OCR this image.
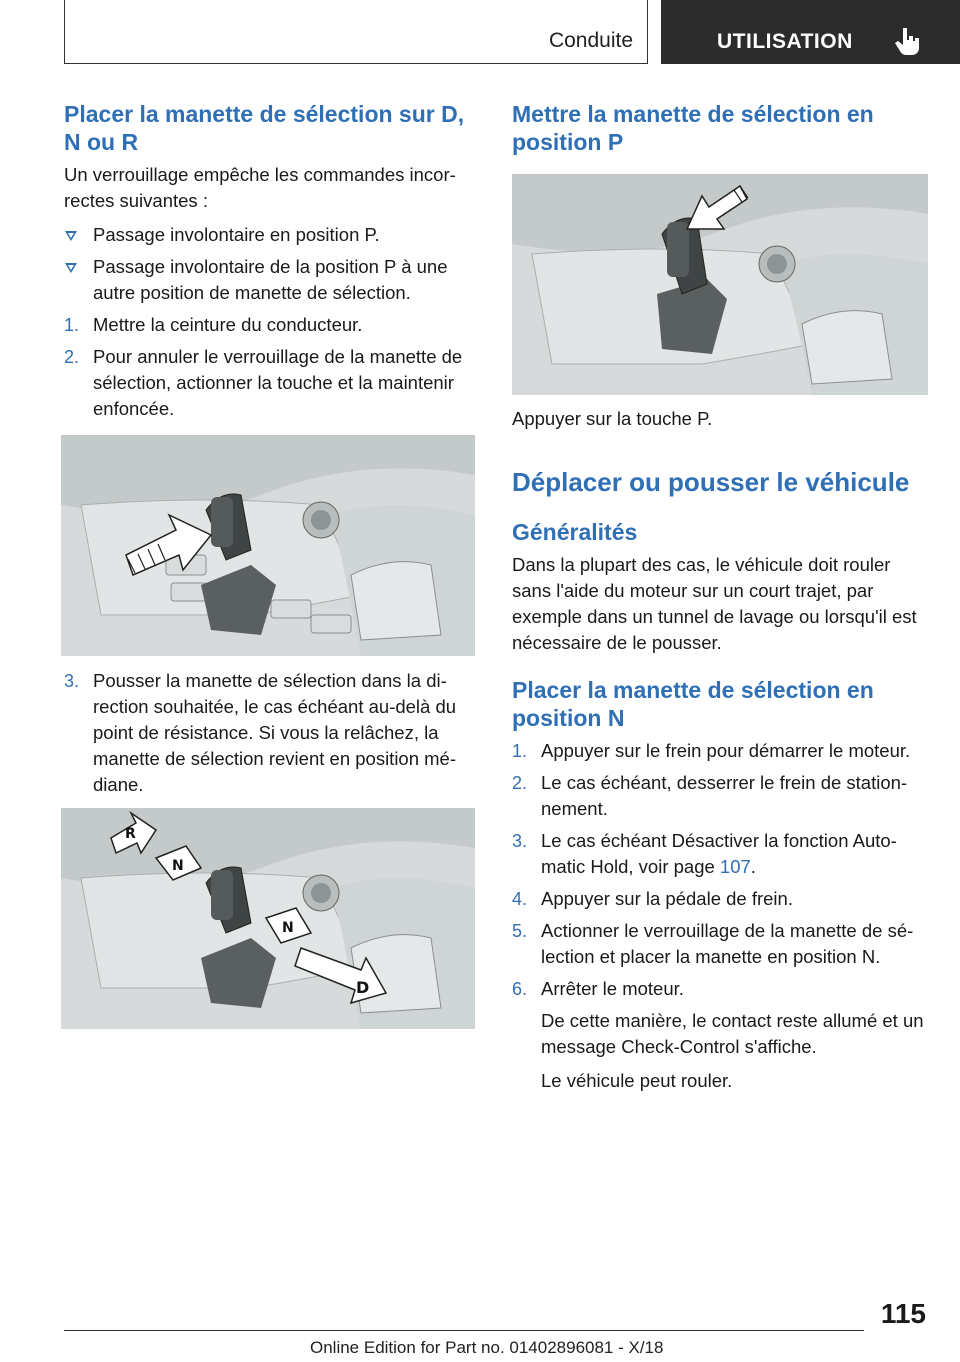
Conduite	UTILISATION
Placer la manette de sélection sur D, N ou R

Un verrouillage empêche les commandes incor-rectes suivantes :

Passage involontaire en position P.
Passage involontaire de la position P à une autre position de manette de sélection.
1. Mettre la ceinture du conducteur.
2. Pour annuler le verrouillage de la manette de sélection, actionner la touche et la maintenir enfoncée.
3. Pousser la manette de sélection dans la di-rection souhaitée, le cas échéant au-delà du point de résistance. Si vous la relâchez, la manette de sélection revient en position mé-diane.
R
N
N
D
Mettre la manette de sélection en position P

Appuyer sur la touche P.

Déplacer ou pousser le véhicule
Généralités

Dans la plupart des cas, le véhicule doit rouler sans l'aide du moteur sur un court trajet, par exemple dans un tunnel de lavage ou lorsqu'il est nécessaire de le pousser.

Placer la manette de sélection en position N
1. Appuyer sur le frein pour démarrer le moteur.
2. Le cas échéant, desserrer le frein de station-nement.
3. Le cas échéant Désactiver la fonction Auto-matic Hold, voir page 107.
4. Appuyer sur la pédale de frein.
5. Actionner le verrouillage de la manette de sé-lection et placer la manette en position N.
6. Arrêter le moteur.

De cette manière, le contact reste allumé et un message Check-Control s'affiche.

Le véhicule peut rouler.

115
Online Edition for Part no. 01402896081 - X/18
